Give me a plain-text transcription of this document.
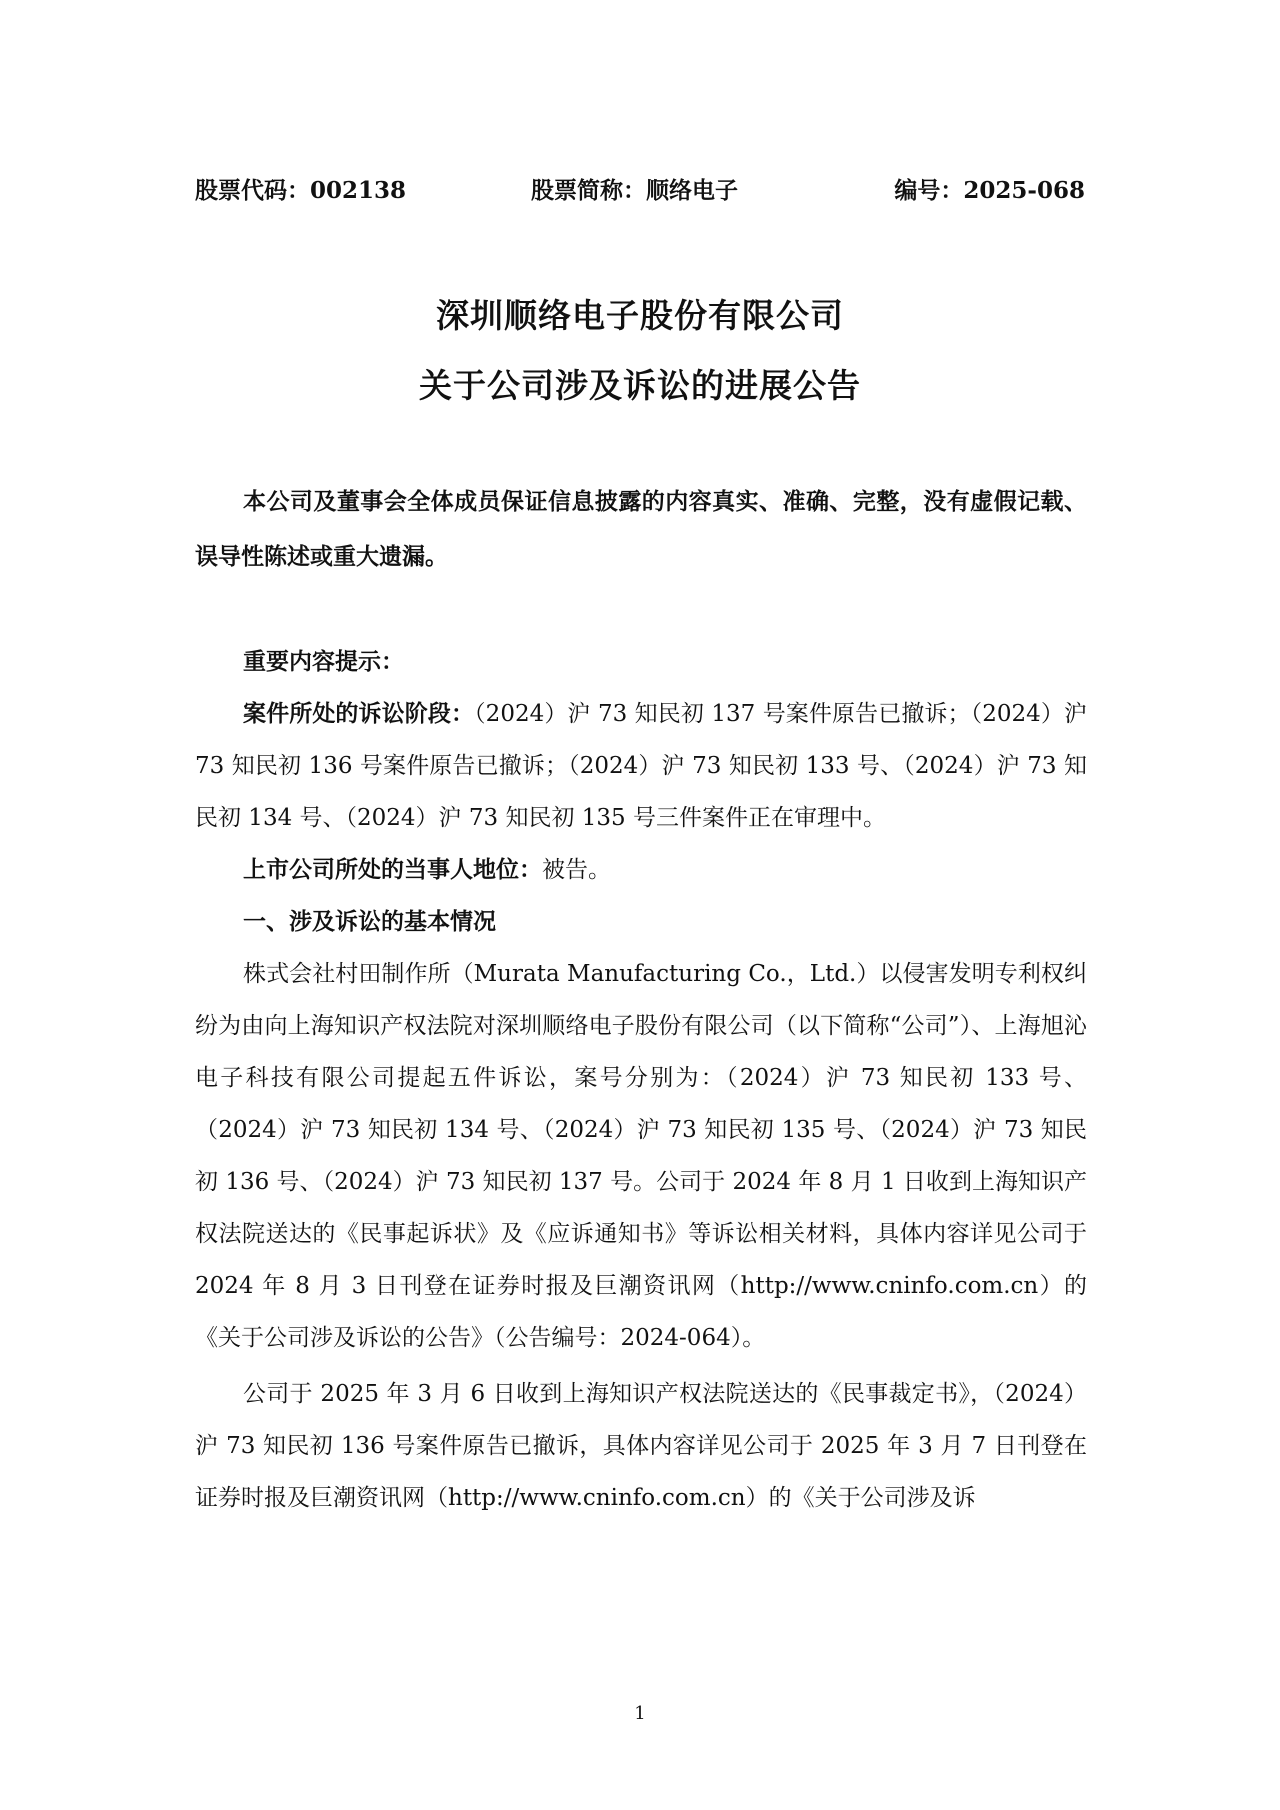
股票代码：002138	股票简称：顺络电子	编号：2025-068
深圳顺络电子股份有限公司
关于公司涉及诉讼的进展公告

本公司及董事会全体成员保证信息披露的内容真实、准确、完整，没有虚假记载、误导性陈述或重大遗漏。

重要内容提示：

案件所处的诉讼阶段：（2024）沪 73 知民初 137 号案件原告已撤诉；（2024）沪 73 知民初 136 号案件原告已撤诉；（2024）沪 73 知民初 133 号、（2024）沪 73 知民初 134 号、（2024）沪 73 知民初 135 号三件案件正在审理中。

上市公司所处的当事人地位：被告。

一、涉及诉讼的基本情况

株式会社村田制作所（Murata Manufacturing Co.，Ltd.）以侵害发明专利权纠纷为由向上海知识产权法院对深圳顺络电子股份有限公司（以下简称“公司”）、上海旭沁电子科技有限公司提起五件诉讼，案号分别为：（2024）沪 73 知民初 133 号、（2024）沪 73 知民初 134 号、（2024）沪 73 知民初 135 号、（2024）沪 73 知民初 136 号、（2024）沪 73 知民初 137 号。公司于 2024 年 8 月 1 日收到上海知识产权法院送达的《民事起诉状》及《应诉通知书》等诉讼相关材料，具体内容详见公司于 2024 年 8 月 3 日刊登在证券时报及巨潮资讯网（http://www.cninfo.com.cn）的《关于公司涉及诉讼的公告》（公告编号：2024-064）。

公司于 2025 年 3 月 6 日收到上海知识产权法院送达的《民事裁定书》，（2024）沪 73 知民初 136 号案件原告已撤诉，具体内容详见公司于 2025 年 3 月 7 日刊登在证券时报及巨潮资讯网（http://www.cninfo.com.cn）的《关于公司涉及诉

1
